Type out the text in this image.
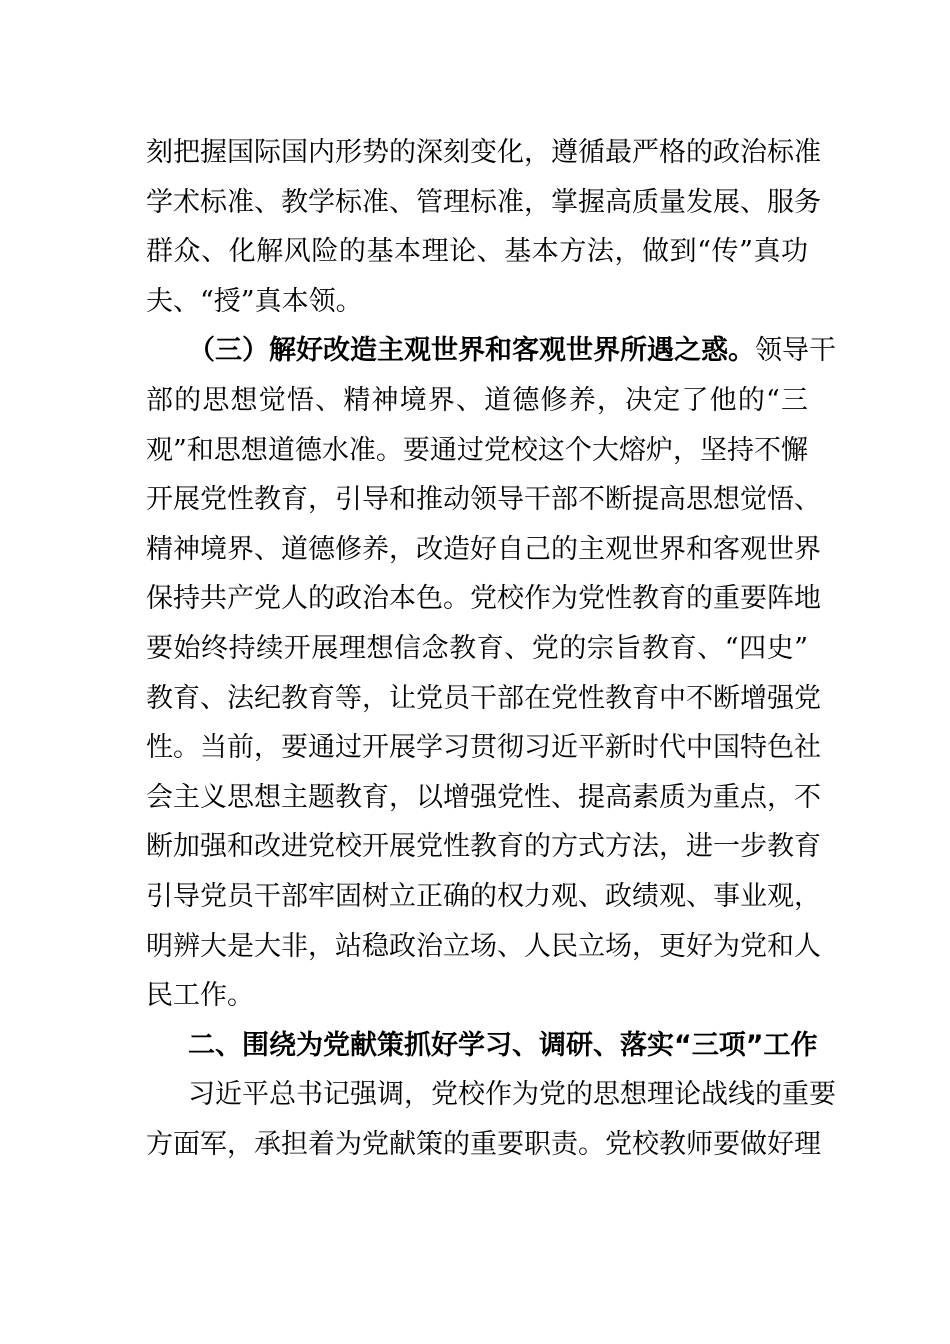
刻把握国际国内形势的深刻变化，遵循最严格的政治标准
学术标准、教学标准、管理标准，掌握高质量发展、服务
群众、化解风险的基本理论、基本方法，做到“传”真功
夫、“授”真本领。
（三）解好改造主观世界和客观世界所遇之惑。领导干
部的思想觉悟、精神境界、道德修养，决定了他的“三
观”和思想道德水准。要通过党校这个大熔炉，坚持不懈
开展党性教育，引导和推动领导干部不断提高思想觉悟、
精神境界、道德修养，改造好自己的主观世界和客观世界
保持共产党人的政治本色。党校作为党性教育的重要阵地
要始终持续开展理想信念教育、党的宗旨教育、“四史”
教育、法纪教育等，让党员干部在党性教育中不断增强党
性。当前，要通过开展学习贯彻习近平新时代中国特色社
会主义思想主题教育，以增强党性、提高素质为重点，不
断加强和改进党校开展党性教育的方式方法，进一步教育
引导党员干部牢固树立正确的权力观、政绩观、事业观，
明辨大是大非，站稳政治立场、人民立场，更好为党和人
民工作。
二、围绕为党献策抓好学习、调研、落实“三项”工作
习近平总书记强调，党校作为党的思想理论战线的重要
方面军，承担着为党献策的重要职责。党校教师要做好理
